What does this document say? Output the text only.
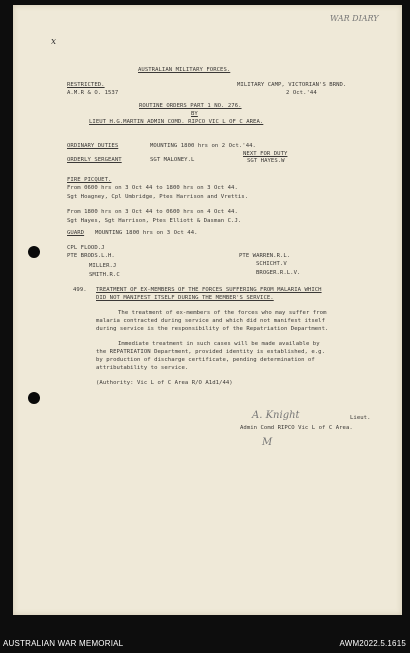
WAR DIARY
x
AUSTRALIAN MILITARY FORCES.
RESTRICTED.
A.M.R & O. 1537
MILITARY CAMP, VICTORIAN'S BRND.
2 Oct.'44
ROUTINE ORDERS PART 1 NO. 276.
BY
LIEUT H.G.MARTIN ADMIN COMD. RIPCO VIC L OF C AREA.
ORDINARY DUTIES	MOUNTING 1800 hrs on 2 Oct.'44.
ORDERLY SERGEANT	SGT MALONEY.L
NEXT FOR DUTY
SGT HAYES.W
FIRE PICQUET.
From 0600 hrs on 3 Oct 44 to 1800 hrs on 3 Oct 44.
Sgt Hoagney, Cpl Umbridge, Ptes Harrison and Vrettis.
From 1800 hrs on 3 Oct 44 to 0600 hrs on 4 Oct 44.
Sgt Hayes, Sgt Harrison, Ptes Elliott & Dasman C.J.
GUARD MOUNTING 1800 hrs on 3 Oct 44.
CPL FLOOD.J
PTE BRODS.L.H.
MILLER.J
SMITH.R.C
PTE WARREN.R.L.
SCHICHT.V
BROGER.R.L.V.
499. TREATMENT OF EX-MEMBERS OF THE FORCES SUFFERING FROM MALARIA WHICH
DID NOT MANIFEST ITSELF DURING THE MEMBER'S SERVICE.
The treatment of ex-members of the forces who may suffer from
malaria contracted during service and which did not manifest itself
during service is the responsibility of the Repatriation Department.
Immediate treatment in such cases will be made available by
the REPATRIATION Department, provided identity is established, e.g.
by production of discharge certificate, pending determination of
attributability to service.
(Authority: Vic L of C Area R/O A1d1/44)
A. Knight	Lieut.
Admin Comd RIPCO Vic L of C Area.
M
AUSTRALIAN WAR MEMORIAL	AWM2022.5.1615
